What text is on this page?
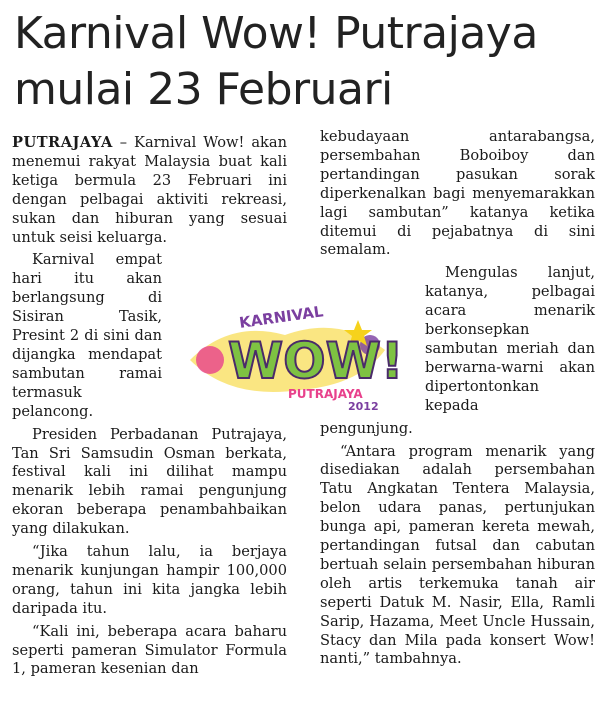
Karnival Wow! Putrajaya
mulai 23 Februari

PUTRAJAYA – Karnival Wow! akan menemui rakyat Malaysia buat kali ketiga bermula 23 Februari ini dengan pelbagai aktiviti rekreasi, sukan dan hiburan yang sesuai untuk seisi keluarga.

Karnival empat hari itu akan berlangsung di Sisiran Tasik, Presint 2 di sini dan dijangka mendapat sambutan ramai termasuk pelancong.

Presiden Perbadanan Putrajaya, Tan Sri Samsudin Osman berkata, festival kali ini dilihat mampu menarik lebih ramai pengunjung ekoran beberapa penambahbaikan yang dilakukan.

“Jika tahun lalu, ia berjaya menarik kunjungan hampir 100,000 orang, tahun ini kita jangka lebih daripada itu.

“Kali ini, beberapa acara baharu seperti pameran Simulator Formula 1, pameran kesenian dan

kebudayaan antarabangsa, persembahan Boboiboy dan pertandingan pasukan sorak diperkenalkan bagi menyemarakkan lagi sambutan” katanya ketika ditemui di pejabatnya di sini semalam.

Mengulas lanjut, katanya, pelbagai acara menarik berkonsepkan sambutan meriah dan berwarna-warni akan dipertontonkan kepada

pengunjung.

“Antara program menarik yang disediakan adalah persembahan Tatu Angkatan Tentera Malaysia, belon udara panas, pertunjukan bunga api, pameran kereta mewah, pertandingan futsal dan cabutan bertuah selain persembahan hiburan oleh artis terkemuka tanah air seperti Datuk M. Nasir, Ella, Ramli Sarip, Hazama, Meet Uncle Hussain, Stacy dan Mila pada konsert Wow! nanti,” tambahnya.

KARNIVAL
WOW!
PUTRAJAYA
2012
